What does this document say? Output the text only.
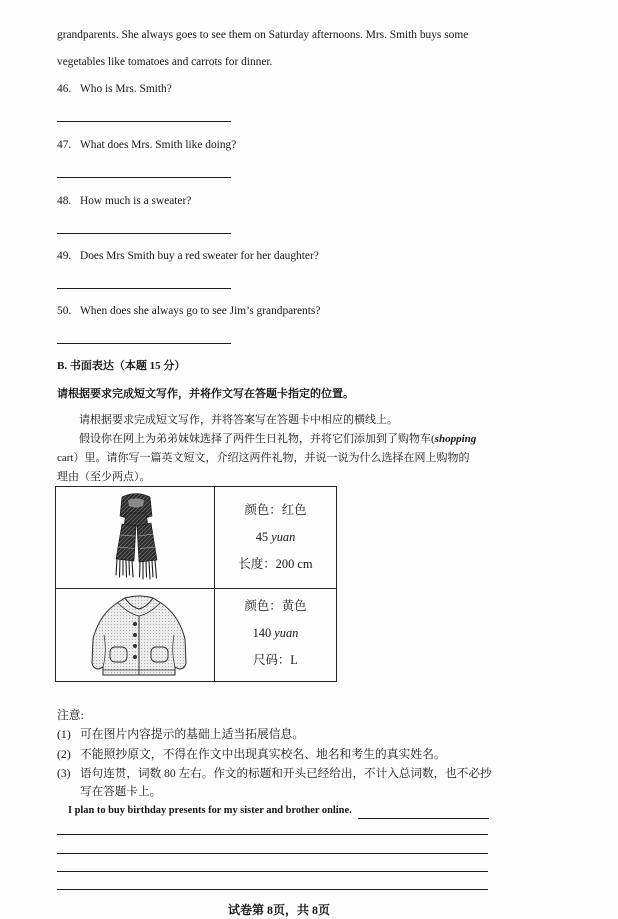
grandparents. She always goes to see them on Saturday afternoons. Mrs. Smith buys some
vegetables like tomatoes and carrots for dinner.
46. Who is Mrs. Smith?
47. What does Mrs. Smith like doing?
48. How much is a sweater?
49. Does Mrs Smith buy a red sweater for her daughter?
50. When does she always go to see Jim’s grandparents?
B. 书面表达（本题 15 分）
请根据要求完成短文写作，并将作文写在答题卡指定的位置。
请根据要求完成短文写作，并将答案写在答题卡中相应的横线上。
假设你在网上为弟弟妹妹选择了两件生日礼物，并将它们添加到了购物车(shopping
cart）里。请你写一篇英文短文，介绍这两件礼物，并说一说为什么选择在网上购物的
理由（至少两点）。
颜色：红色
45 yuan
长度：200 cm
颜色：黄色
140 yuan
尺码：L
注意:
(1) 可在图片内容提示的基础上适当拓展信息。
(2) 不能照抄原文，不得在作文中出现真实校名、地名和考生的真实姓名。
(3) 语句连贯，词数 80 左右。作文的标题和开头已经给出，不计入总词数，也不必抄
写在答题卡上。
I plan to buy birthday presents for my sister and brother online.
试卷第 8页，共 8页
